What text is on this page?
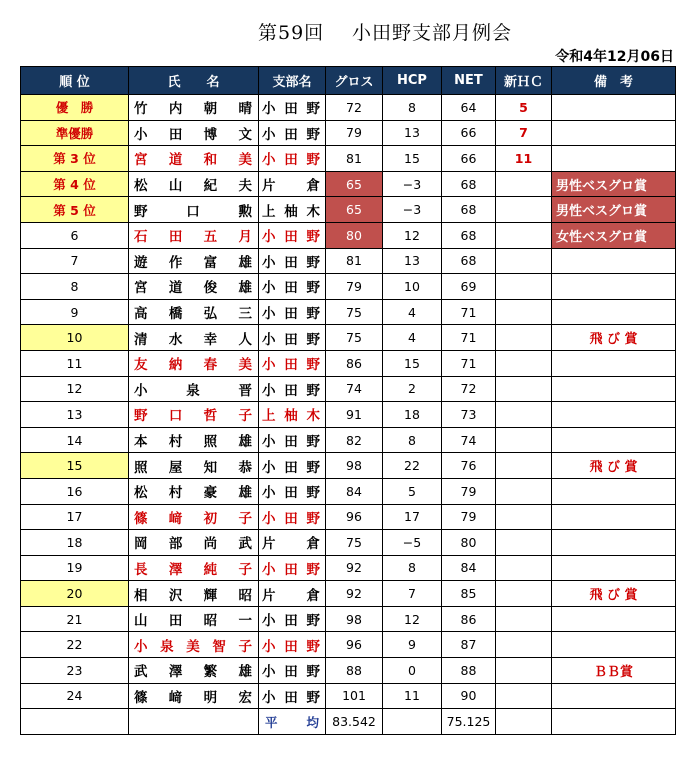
第59回 小田野支部月例会
令和4年12月06日
順 位	氏　　名	支部名	グロス	HCP	NET	新ＨＣ	備　考
優　勝	竹内朝晴	小田野	72	8	64	5	
準優勝	小田博文	小田野	79	13	66	7	
第 3 位	宮道和美	小田野	81	15	66	11	
第 4 位	松山紀夫	片　倉	65	−3	68		男性ベスグロ賞
第 5 位	野　口　勲	上柚木	65	−3	68		男性ベスグロ賞
6	石田五月	小田野	80	12	68		女性ベスグロ賞
7	遊作富雄	小田野	81	13	68		
8	宮道俊雄	小田野	79	10	69		
9	高橋弘三	小田野	75	4	71		
10	清水幸人	小田野	75	4	71		飛 び 賞
11	友納春美	小田野	86	15	71		
12	小　泉　晋	小田野	74	2	72		
13	野口哲子	上柚木	91	18	73		
14	本村照雄	小田野	82	8	74		
15	照屋知恭	小田野	98	22	76		飛 び 賞
16	松村豪雄	小田野	84	5	79		
17	篠﨑初子	小田野	96	17	79		
18	岡部尚武	片　倉	75	−5	80		
19	長澤純子	小田野	92	8	84		
20	相沢輝昭	片　倉	92	7	85		飛 び 賞
21	山田昭一	小田野	98	12	86		
22	小泉美智子	小田野	96	9	87		
23	武澤繁雄	小田野	88	0	88		ＢＢ賞
24	篠﨑明宏	小田野	101	11	90		
		平　均	83.542		75.125		
